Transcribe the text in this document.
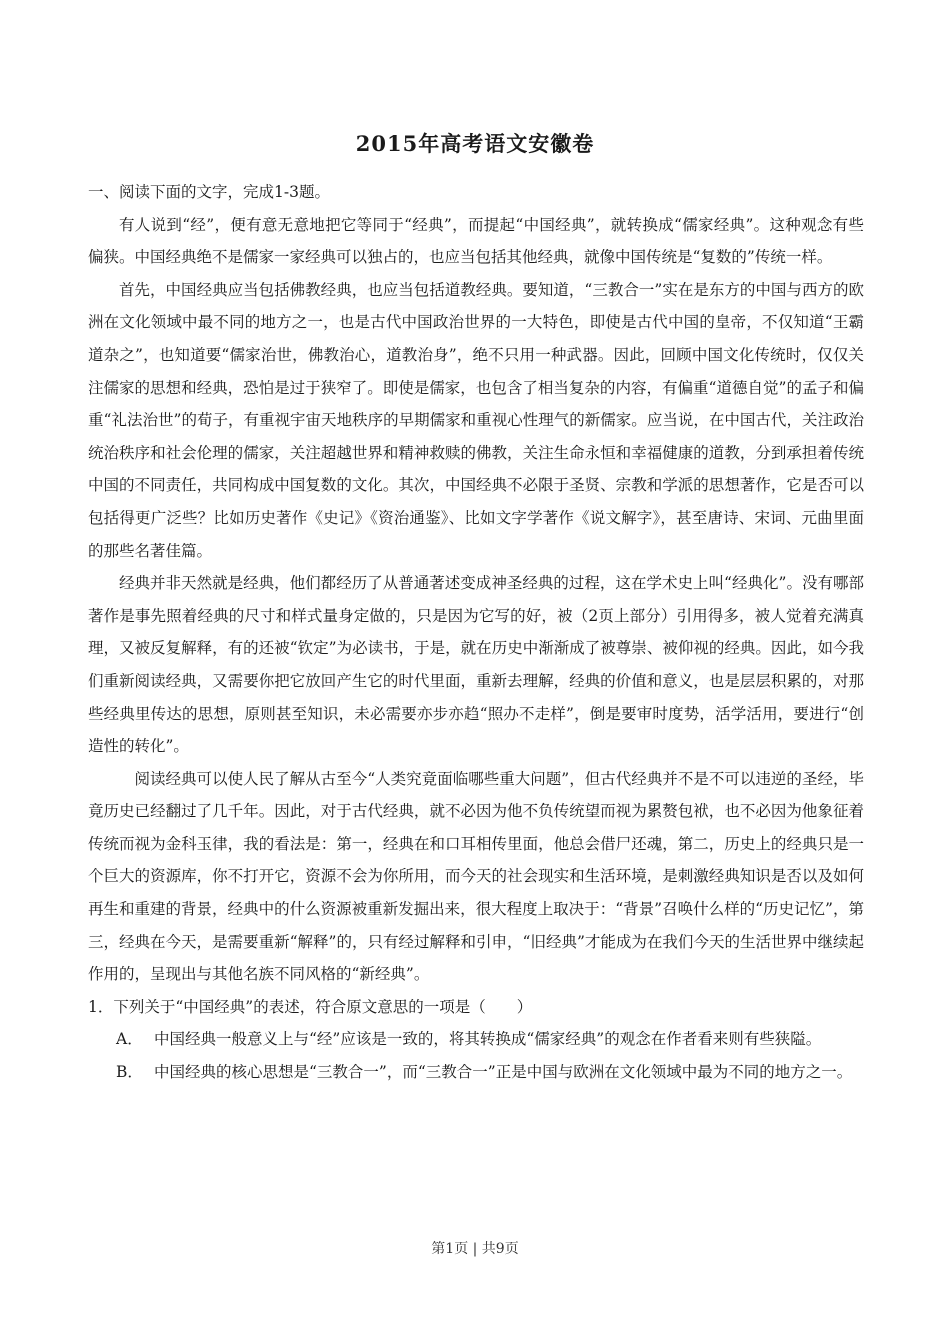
2015年高考语文安徽卷

一、阅读下面的文字，完成1-3题。

有人说到“经”，便有意无意地把它等同于“经典”，而提起“中国经典”，就转换成“儒家经典”。这种观念有些偏狭。中国经典绝不是儒家一家经典可以独占的，也应当包括其他经典，就像中国传统是“复数的”传统一样。

首先，中国经典应当包括佛教经典，也应当包括道教经典。要知道，“三教合一”实在是东方的中国与西方的欧洲在文化领域中最不同的地方之一，也是古代中国政治世界的一大特色，即使是古代中国的皇帝，不仅知道“王霸道杂之”，也知道要“儒家治世，佛教治心，道教治身”，绝不只用一种武器。因此，回顾中国文化传统时，仅仅关注儒家的思想和经典，恐怕是过于狭窄了。即使是儒家，也包含了相当复杂的内容，有偏重“道德自觉”的孟子和偏重“礼法治世”的荀子，有重视宇宙天地秩序的早期儒家和重视心性理气的新儒家。应当说，在中国古代，关注政治统治秩序和社会伦理的儒家，关注超越世界和精神救赎的佛教，关注生命永恒和幸福健康的道教，分到承担着传统中国的不同责任，共同构成中国复数的文化。其次，中国经典不必限于圣贤、宗教和学派的思想著作，它是否可以包括得更广泛些？比如历史著作《史记》《资治通鉴》、比如文字学著作《说文解字》，甚至唐诗、宋词、元曲里面的那些名著佳篇。

经典并非天然就是经典，他们都经历了从普通著述变成神圣经典的过程，这在学术史上叫“经典化”。没有哪部著作是事先照着经典的尺寸和样式量身定做的，只是因为它写的好，被（2页上部分）引用得多，被人觉着充满真理，又被反复解释，有的还被“钦定”为必读书，于是，就在历史中渐渐成了被尊崇、被仰视的经典。因此，如今我们重新阅读经典，又需要你把它放回产生它的时代里面，重新去理解，经典的价值和意义，也是层层积累的，对那些经典里传达的思想，原则甚至知识，未必需要亦步亦趋“照办不走样”，倒是要审时度势，活学活用，要进行“创造性的转化”。

阅读经典可以使人民了解从古至今“人类究竟面临哪些重大问题”，但古代经典并不是不可以违逆的圣经，毕竟历史已经翻过了几千年。因此，对于古代经典，就不必因为他不负传统望而视为累赘包袱，也不必因为他象征着传统而视为金科玉律，我的看法是：第一，经典在和口耳相传里面，他总会借尸还魂，第二，历史上的经典只是一个巨大的资源库，你不打开它，资源不会为你所用，而今天的社会现实和生活环境，是刺激经典知识是否以及如何再生和重建的背景，经典中的什么资源被重新发掘出来，很大程度上取决于：“背景”召唤什么样的“历史记忆”，第三，经典在今天，是需要重新“解释”的，只有经过解释和引申，“旧经典”才能成为在我们今天的生活世界中继续起作用的，呈现出与其他名族不同风格的“新经典”。

1．下列关于“中国经典”的表述，符合原文意思的一项是（　　）

A． 中国经典一般意义上与“经”应该是一致的，将其转换成“儒家经典”的观念在作者看来则有些狭隘。
B． 中国经典的核心思想是“三教合一”，而“三教合一”正是中国与欧洲在文化领域中最为不同的地方之一。
第1页 | 共9页
